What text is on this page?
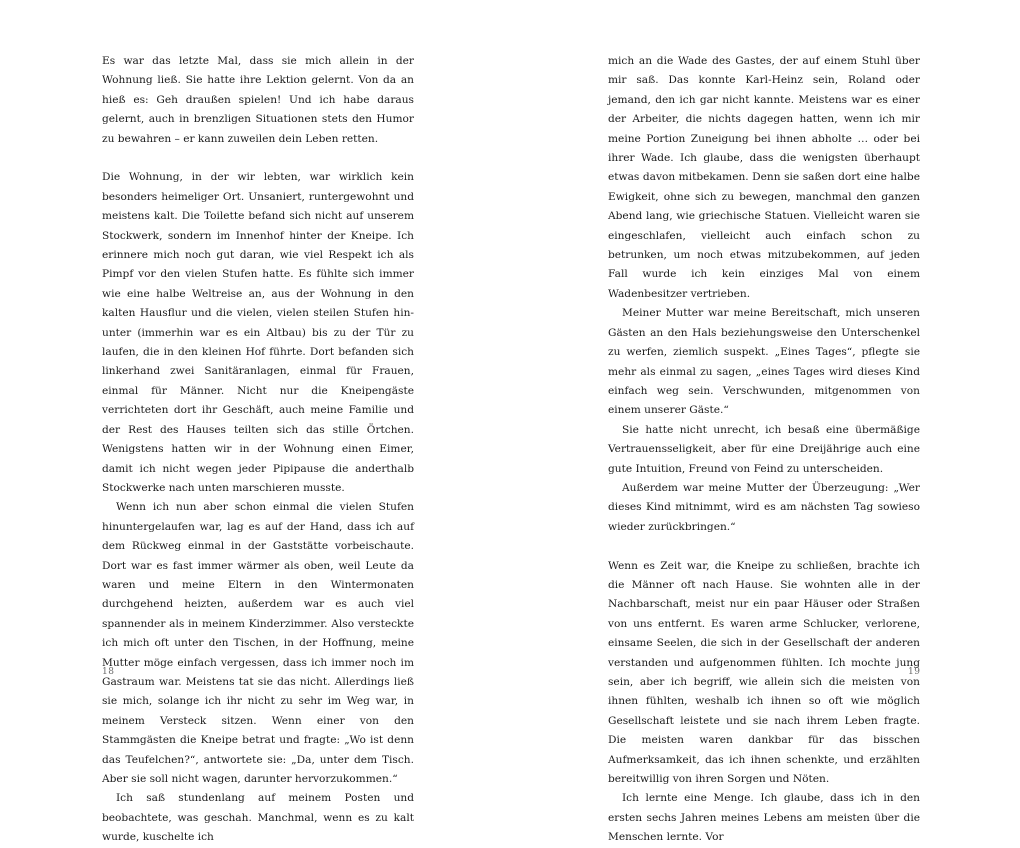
Es war das letzte Mal, dass sie mich allein in der Wohnung ließ. Sie hatte ihre Lektion gelernt. Von da an hieß es: Geh draußen spielen! Und ich habe daraus gelernt, auch in brenzligen Situationen stets den Humor zu bewahren – er kann zuweilen dein Leben retten.

Die Wohnung, in der wir lebten, war wirklich kein besonders heimeliger Ort. Unsaniert, runtergewohnt und meistens kalt. Die Toilette befand sich nicht auf unserem Stockwerk, sondern im Innenhof hinter der Kneipe. Ich erinnere mich noch gut daran, wie viel Respekt ich als Pimpf vor den vielen Stufen hatte. Es fühlte sich immer wie eine halbe Weltreise an, aus der Wohnung in den kalten Hausflur und die vielen, vielen steilen Stufen hinunter (immerhin war es ein Altbau) bis zu der Tür zu laufen, die in den kleinen Hof führte. Dort befanden sich linkerhand zwei Sanitäranlagen, einmal für Frauen, einmal für Männer. Nicht nur die Kneipengäste verrichteten dort ihr Geschäft, auch meine Familie und der Rest des Hauses teilten sich das stille Örtchen. Wenigstens hatten wir in der Wohnung einen Eimer, damit ich nicht wegen jeder Pipipause die anderthalb Stockwerke nach unten marschieren musste.

Wenn ich nun aber schon einmal die vielen Stufen hinuntergelaufen war, lag es auf der Hand, dass ich auf dem Rückweg einmal in der Gaststätte vorbeischaute. Dort war es fast immer wärmer als oben, weil Leute da waren und meine Eltern in den Wintermonaten durchgehend heizten, außerdem war es auch viel spannender als in meinem Kinderzimmer. Also versteckte ich mich oft unter den Tischen, in der Hoffnung, meine Mutter möge einfach vergessen, dass ich immer noch im Gastraum war. Meistens tat sie das nicht. Allerdings ließ sie mich, solange ich ihr nicht zu sehr im Weg war, in meinem Versteck sitzen. Wenn einer von den Stammgästen die Kneipe betrat und fragte: „Wo ist denn das Teufelchen?“, antwortete sie: „Da, unter dem Tisch. Aber sie soll nicht wagen, darunter hervorzukommen.“

Ich saß stundenlang auf meinem Posten und beobachtete, was geschah. Manchmal, wenn es zu kalt wurde, kuschelte ich

18

mich an die Wade des Gastes, der auf einem Stuhl über mir saß. Das konnte Karl-Heinz sein, Roland oder jemand, den ich gar nicht kannte. Meistens war es einer der Arbeiter, die nichts dagegen hatten, wenn ich mir meine Portion Zuneigung bei ihnen abholte … oder bei ihrer Wade. Ich glaube, dass die wenigsten überhaupt etwas davon mitbekamen. Denn sie saßen dort eine halbe Ewigkeit, ohne sich zu bewegen, manchmal den ganzen Abend lang, wie griechische Statuen. Vielleicht waren sie eingeschlafen, vielleicht auch einfach schon zu betrunken, um noch etwas mitzubekommen, auf jeden Fall wurde ich kein einziges Mal von einem Wadenbesitzer vertrieben.

Meiner Mutter war meine Bereitschaft, mich unseren Gästen an den Hals beziehungsweise den Unterschenkel zu werfen, ziemlich suspekt. „Eines Tages“, pflegte sie mehr als einmal zu sagen, „eines Tages wird dieses Kind einfach weg sein. Verschwunden, mitgenommen von einem unserer Gäste.“

Sie hatte nicht unrecht, ich besaß eine übermäßige Vertrauensseligkeit, aber für eine Dreijährige auch eine gute Intuition, Freund von Feind zu unterscheiden.

Außerdem war meine Mutter der Überzeugung: „Wer dieses Kind mitnimmt, wird es am nächsten Tag sowieso wieder zurückbringen.“

Wenn es Zeit war, die Kneipe zu schließen, brachte ich die Männer oft nach Hause. Sie wohnten alle in der Nachbarschaft, meist nur ein paar Häuser oder Straßen von uns entfernt. Es waren arme Schlucker, verlorene, einsame Seelen, die sich in der Gesellschaft der anderen verstanden und aufgenommen fühlten. Ich mochte jung sein, aber ich begriff, wie allein sich die meisten von ihnen fühlten, weshalb ich ihnen so oft wie möglich Gesellschaft leistete und sie nach ihrem Leben fragte. Die meisten waren dankbar für das bisschen Aufmerksamkeit, das ich ihnen schenkte, und erzählten bereitwillig von ihren Sorgen und Nöten.

Ich lernte eine Menge. Ich glaube, dass ich in den ersten sechs Jahren meines Lebens am meisten über die Menschen lernte. Vor

19
